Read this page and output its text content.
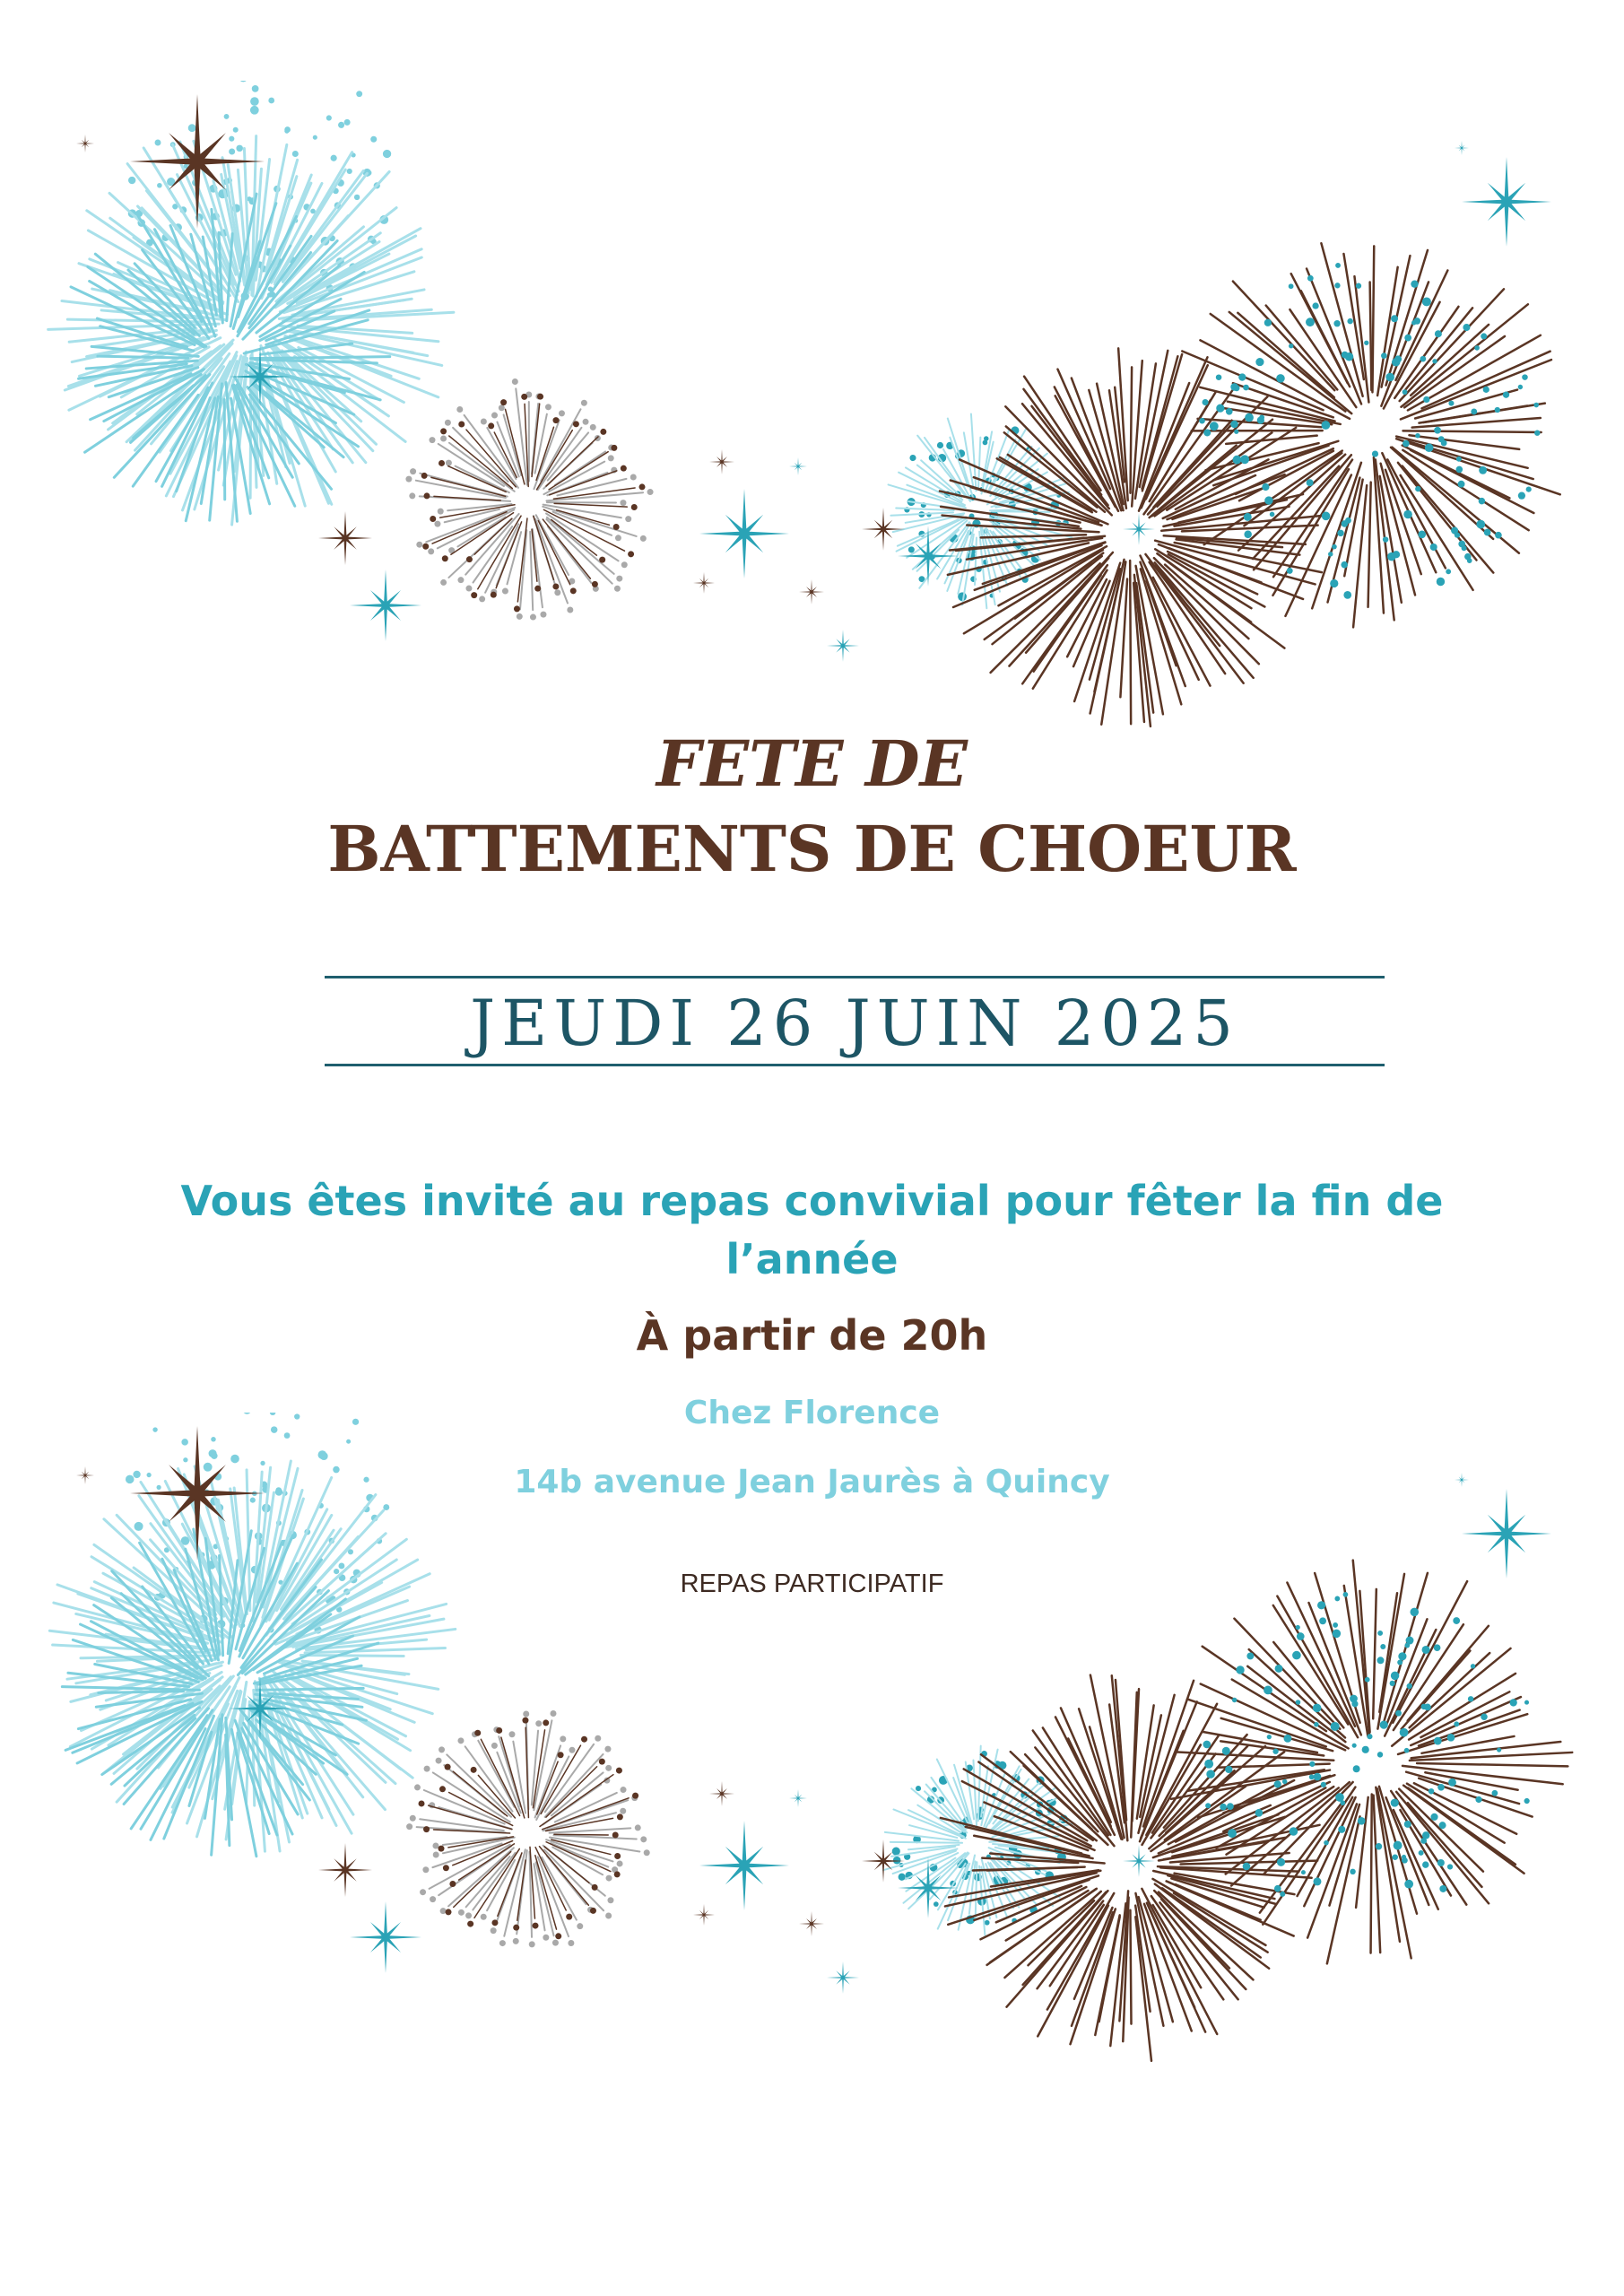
FETE DE
BATTEMENTS DE CHOEUR
JEUDI 26 JUIN 2025

Vous êtes invité au repas convivial pour fêter la fin de

l’année

À partir de 20h

Chez Florence

14b avenue Jean Jaurès à Quincy

REPAS PARTICIPATIF
